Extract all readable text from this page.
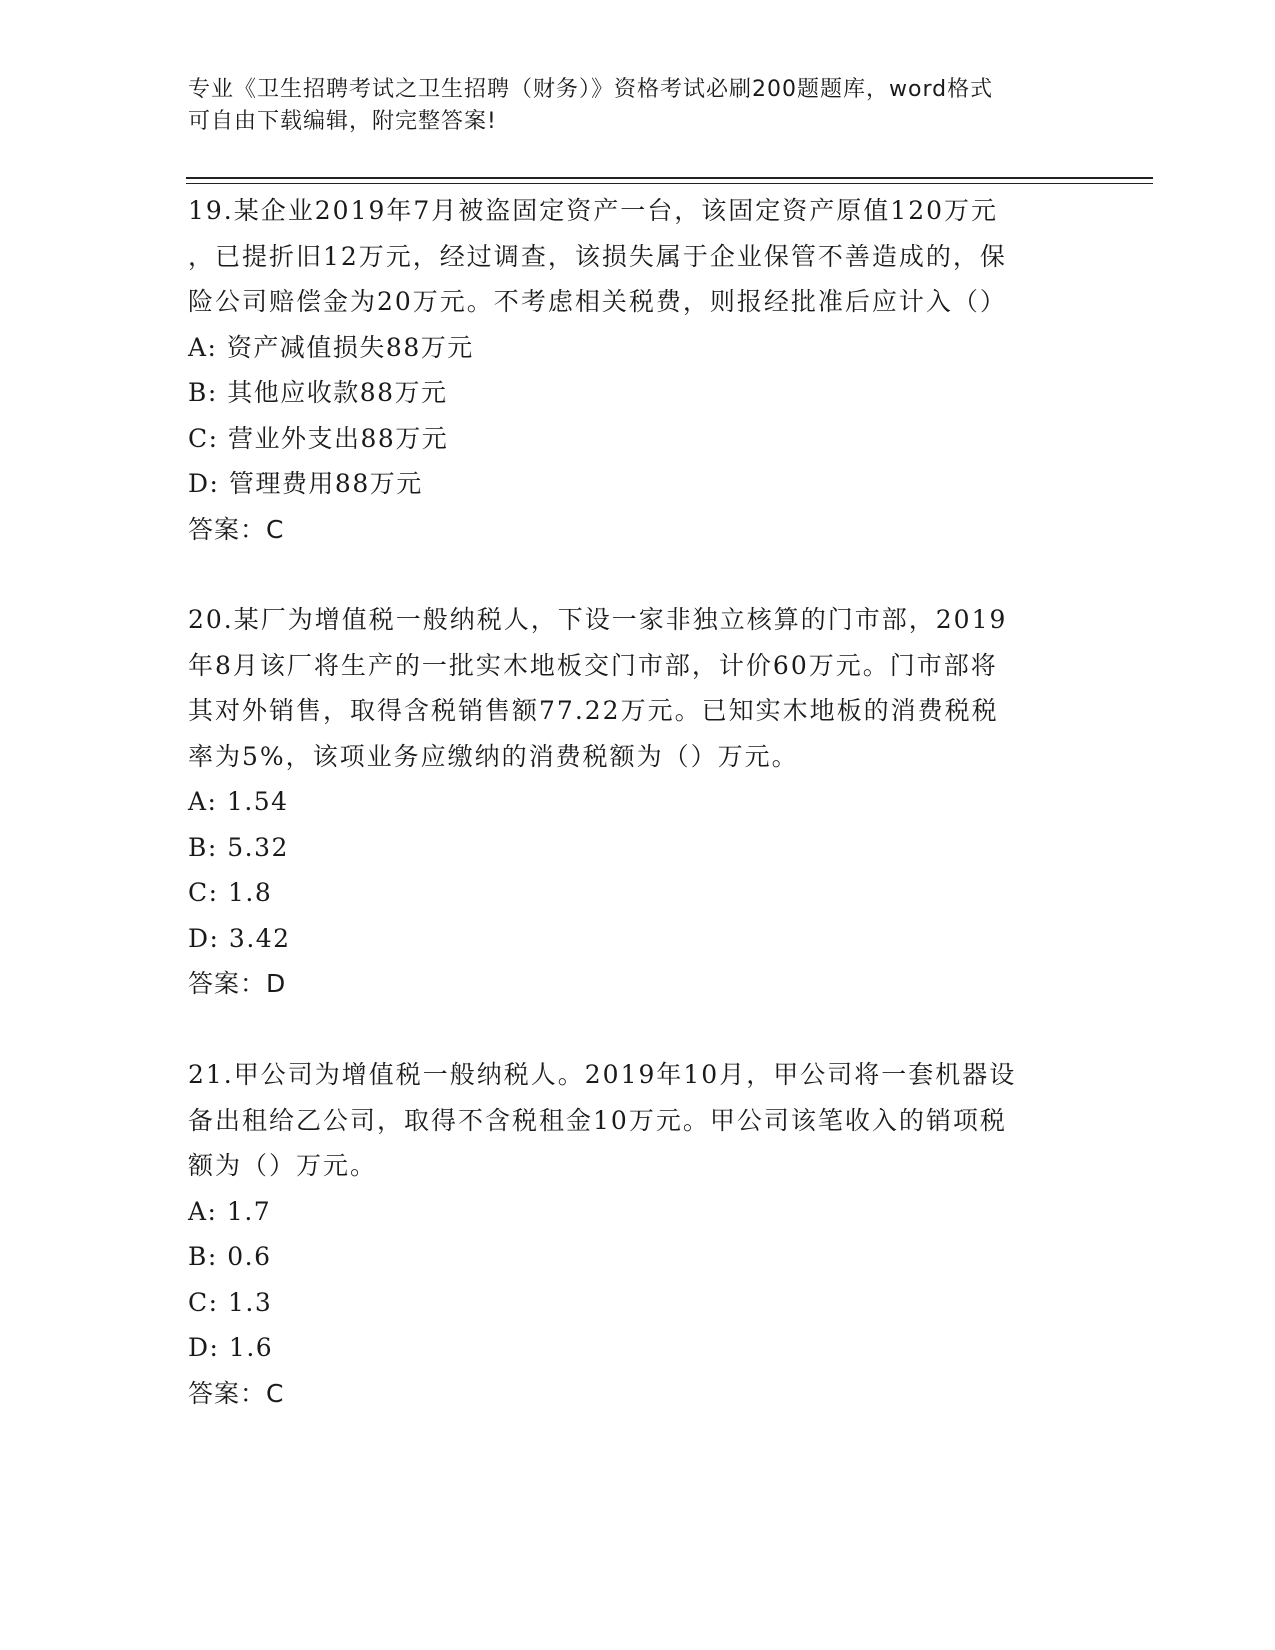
专业《卫生招聘考试之卫生招聘（财务）》资格考试必刷200题题库，word格式
可自由下载编辑，附完整答案!
19.某企业2019年7月被盗固定资产一台，该固定资产原值120万元
，已提折旧12万元，经过调查，该损失属于企业保管不善造成的，保
险公司赔偿金为20万元。不考虑相关税费，则报经批准后应计入（）
A: 资产减值损失88万元
B: 其他应收款88万元
C: 营业外支出88万元
D: 管理费用88万元
答案：C
20.某厂为增值税一般纳税人，下设一家非独立核算的门市部，2019
年8月该厂将生产的一批实木地板交门市部，计价60万元。门市部将
其对外销售，取得含税销售额77.22万元。已知实木地板的消费税税
率为5%，该项业务应缴纳的消费税额为（）万元。
A: 1.54
B: 5.32
C: 1.8
D: 3.42
答案：D
21.甲公司为增值税一般纳税人。2019年10月，甲公司将一套机器设
备出租给乙公司，取得不含税租金10万元。甲公司该笔收入的销项税
额为（）万元。
A: 1.7
B: 0.6
C: 1.3
D: 1.6
答案：C
